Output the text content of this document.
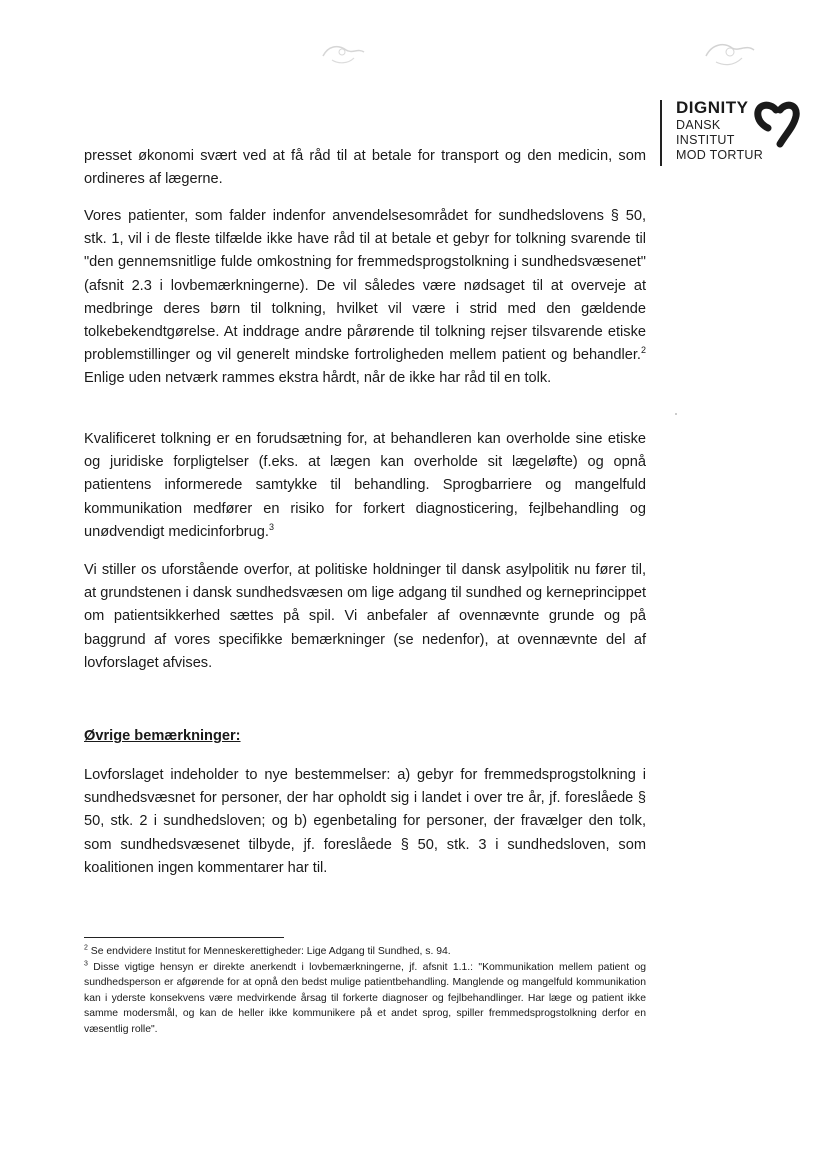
DIGNITY
DANSK
INSTITUT
MOD TORTUR

presset økonomi svært ved at få råd til at betale for transport og den medicin, som ordineres af lægerne.

Vores patienter, som falder indenfor anvendelsesområdet for sundhedslovens § 50, stk. 1, vil i de fleste tilfælde ikke have råd til at betale et gebyr for tolkning svarende til "den gennemsnitlige fulde omkostning for fremmedsprogstolkning i sundhedsvæsenet" (afsnit 2.3 i lovbemærkningerne). De vil således være nødsaget til at overveje at medbringe deres børn til tolkning, hvilket vil være i strid med den gældende tolkebekendtgørelse. At inddrage andre pårørende til tolkning rejser tilsvarende etiske problemstillinger og vil generelt mindske fortroligheden mellem patient og behandler.$^2$ Enlige uden netværk rammes ekstra hårdt, når de ikke har råd til en tolk.

Kvalificeret tolkning er en forudsætning for, at behandleren kan overholde sine etiske og juridiske forpligtelser (f.eks. at lægen kan overholde sit lægeløfte) og opnå patientens informerede samtykke til behandling. Sprogbarriere og mangelfuld kommunikation medfører en risiko for forkert diagnosticering, fejlbehandling og unødvendigt medicinforbrug.$^3$

Vi stiller os uforstående overfor, at politiske holdninger til dansk asylpolitik nu fører til, at grundstenen i dansk sundhedsvæsen om lige adgang til sundhed og kerneprincippet om patientsikkerhed sættes på spil. Vi anbefaler af ovennævnte grunde og på baggrund af vores specifikke bemærkninger (se nedenfor), at ovennævnte del af lovforslaget afvises.

Øvrige bemærkninger:

Lovforslaget indeholder to nye bestemmelser: a) gebyr for fremmedsprogstolkning i sundhedsvæsnet for personer, der har opholdt sig i landet i over tre år, jf. foreslåede § 50, stk. 2 i sundhedsloven; og b) egenbetaling for personer, der fravælger den tolk, som sundhedsvæsenet tilbyde, jf. foreslåede § 50, stk. 3 i sundhedsloven, som koalitionen ingen kommentarer har til.

$^2$ Se endvidere Institut for Menneskerettigheder: Lige Adgang til Sundhed, s. 94.

$^3$ Disse vigtige hensyn er direkte anerkendt i lovbemærkningerne, jf. afsnit 1.1.: "Kommunikation mellem patient og sundhedsperson er afgørende for at opnå den bedst mulige patientbehandling. Manglende og mangelfuld kommunikation kan i yderste konsekvens være medvirkende årsag til forkerte diagnoser og fejlbehandlinger. Har læge og patient ikke samme modersmål, og kan de heller ikke kommunikere på et andet sprog, spiller fremmedsprogstolkning derfor en væsentlig rolle".
